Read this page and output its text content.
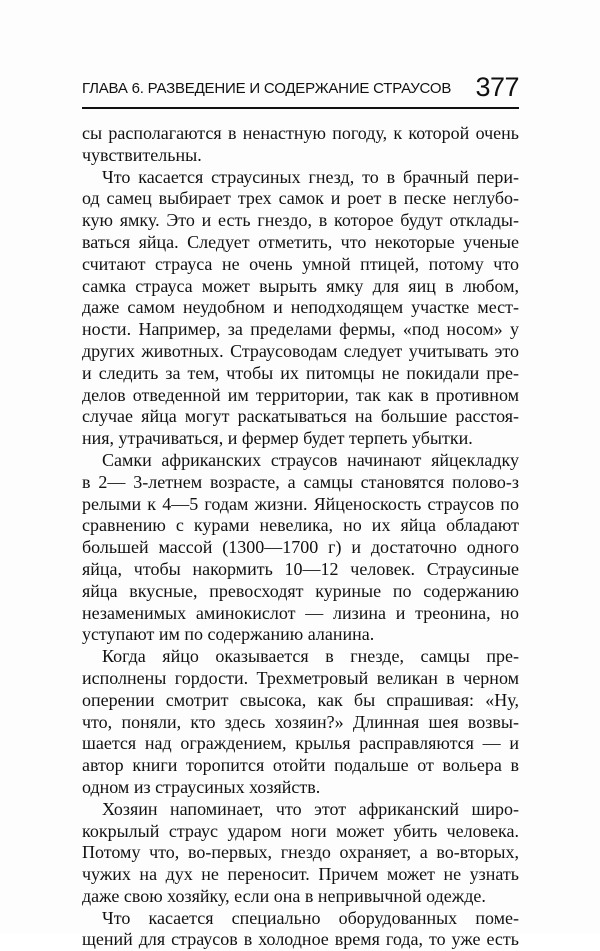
ГЛАВА 6. РАЗВЕДЕНИЕ И СОДЕРЖАНИЕ СТРАУСОВ 377
сы располагаются в ненастную погоду, к которой очень
чувствительны.
Что касается страусиных гнезд, то в брачный пери-
од самец выбирает трех самок и роет в песке неглубо-
кую ямку. Это и есть гнездо, в которое будут отклады-
ваться яйца. Следует отметить, что некоторые ученые
считают страуса не очень умной птицей, потому что
самка страуса может вырыть ямку для яиц в любом,
даже самом неудобном и неподходящем участке мест-
ности. Например, за пределами фермы, «под носом» у
других животных. Страусоводам следует учитывать это
и следить за тем, чтобы их питомцы не покидали пре-
делов отведенной им территории, так как в противном
случае яйца могут раскатываться на большие расстоя-
ния, утрачиваться, и фермер будет терпеть убытки.
Самки африканских страусов начинают яйцекладку
в 2— 3-летнем возрасте, а самцы становятся полово-з
релыми к 4—5 годам жизни. Яйценоскость страусов по
сравнению с курами невелика, но их яйца обладают
большей массой (1300—1700 г) и достаточно одного
яйца, чтобы накормить 10—12 человек. Страусиные
яйца вкусные, превосходят куриные по содержанию
незаменимых аминокислот — лизина и треонина, но
уступают им по содержанию аланина.
Когда яйцо оказывается в гнезде, самцы пре-
исполнены гордости. Трехметровый великан в черном
оперении смотрит свысока, как бы спрашивая: «Ну,
что, поняли, кто здесь хозяин?» Длинная шея возвы-
шается над ограждением, крылья расправляются — и
автор книги торопится отойти подальше от вольера в
одном из страусиных хозяйств.
Хозяин напоминает, что этот африканский широ-
кокрылый страус ударом ноги может убить человека.
Потому что, во-первых, гнездо охраняет, а во-вторых,
чужих на дух не переносит. Причем может не узнать
даже свою хозяйку, если она в непривычной одежде.
Что касается специально оборудованных поме-
щений для страусов в холодное время года, то уже есть
